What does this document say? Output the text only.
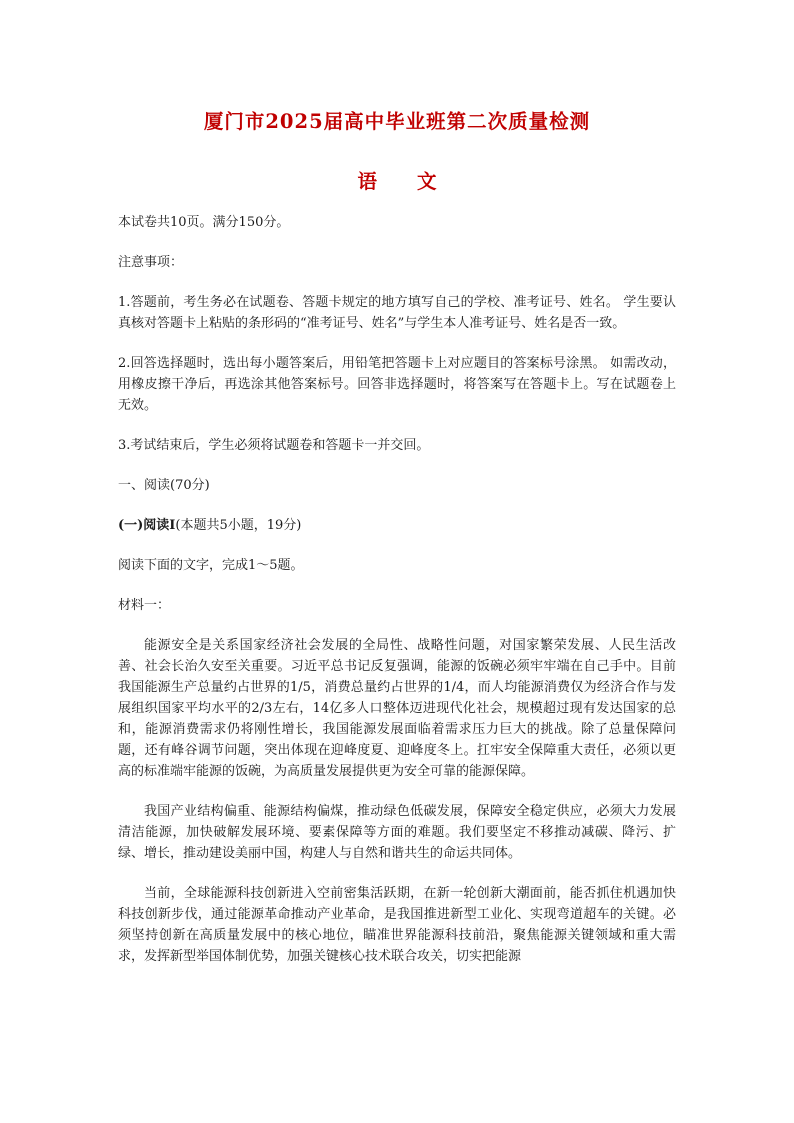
厦门市2025届高中毕业班第二次质量检测
语 文

本试卷共10页。满分150分。

注意事项：

1.答题前，考生务必在试题卷、答题卡规定的地方填写自己的学校、准考证号、姓名。 学生要认真核对答题卡上粘贴的条形码的“准考证号、姓名”与学生本人准考证号、姓名是否一致。

2.回答选择题时，选出每小题答案后，用铅笔把答题卡上对应题目的答案标号涂黑。 如需改动，用橡皮擦干净后，再选涂其他答案标号。回答非选择题时，将答案写在答题卡上。写在试题卷上无效。

3.考试结束后，学生必须将试题卷和答题卡一并交回。

一、阅读(70分)

(一)阅读Ⅰ(本题共5小题，19分)

阅读下面的文字，完成1～5题。

材料一：

能源安全是关系国家经济社会发展的全局性、战略性问题，对国家繁荣发展、人民生活改善、社会长治久安至关重要。习近平总书记反复强调，能源的饭碗必须牢牢端在自己手中。目前我国能源生产总量约占世界的1/5，消费总量约占世界的1/4，而人均能源消费仅为经济合作与发展组织国家平均水平的2/3左右，14亿多人口整体迈进现代化社会，规模超过现有发达国家的总和，能源消费需求仍将刚性增长，我国能源发展面临着需求压力巨大的挑战。除了总量保障问题，还有峰谷调节问题，突出体现在迎峰度夏、迎峰度冬上。扛牢安全保障重大责任，必须以更高的标准端牢能源的饭碗，为高质量发展提供更为安全可靠的能源保障。

我国产业结构偏重、能源结构偏煤，推动绿色低碳发展，保障安全稳定供应，必须大力发展清洁能源，加快破解发展环境、要素保障等方面的难题。我们要坚定不移推动减碳、降污、扩绿、增长，推动建设美丽中国，构建人与自然和谐共生的命运共同体。

当前，全球能源科技创新进入空前密集活跃期，在新一轮创新大潮面前，能否抓住机遇加快科技创新步伐，通过能源革命推动产业革命，是我国推进新型工业化、实现弯道超车的关键。必须坚持创新在高质量发展中的核心地位，瞄准世界能源科技前沿，聚焦能源关键领域和重大需求，发挥新型举国体制优势，加强关键核心技术联合攻关，切实把能源
